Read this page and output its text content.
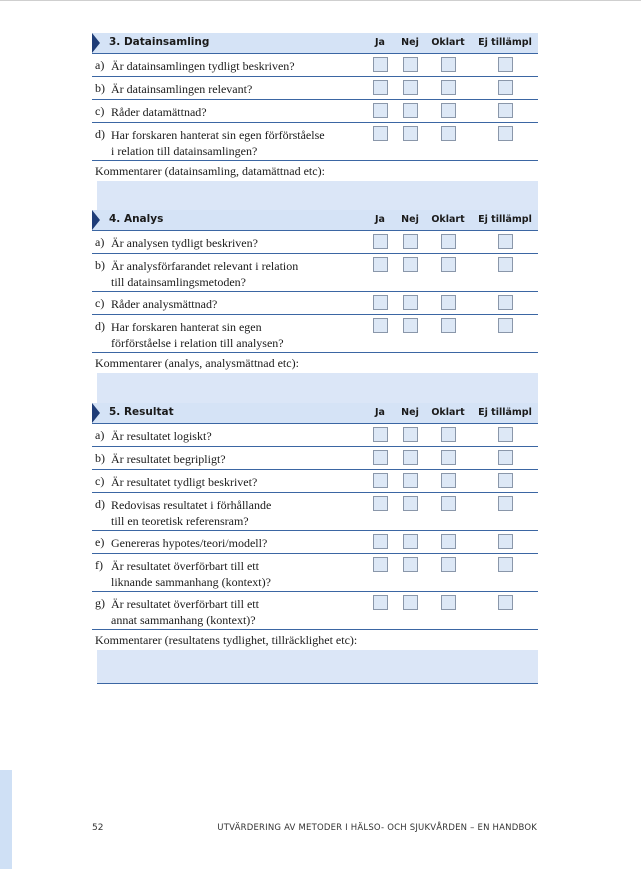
3. Datainsamling	Ja Nej Oklart Ej tillämpl
a) Är datainsamlingen tydligt beskriven?
b) Är datainsamlingen relevant?
c) Råder datamättnad?
d) Har forskaren hanterat sin egen förförståelse
i relation till datainsamlingen?
Kommentarer (datainsamling, datamättnad etc):
4. Analys	Ja Nej Oklart Ej tillämpl
a) Är analysen tydligt beskriven?
b) Är analysförfarandet relevant i relation
till datainsamlingsmetoden?
c) Råder analysmättnad?
d) Har forskaren hanterat sin egen
förförståelse i relation till analysen?
Kommentarer (analys, analysmättnad etc):
5. Resultat	Ja Nej Oklart Ej tillämpl
a) Är resultatet logiskt?
b) Är resultatet begripligt?
c) Är resultatet tydligt beskrivet?
d) Redovisas resultatet i förhållande
till en teoretisk referensram?
e) Genereras hypotes/teori/modell?
f) Är resultatet överförbart till ett
liknande sammanhang (kontext)?
g) Är resultatet överförbart till ett
annat sammanhang (kontext)?
Kommentarer (resultatens tydlighet, tillräcklighet etc):
52	UTVÄRDERING AV METODER I HÄLSO- OCH SJUKVÅRDEN – EN HANDBOK
